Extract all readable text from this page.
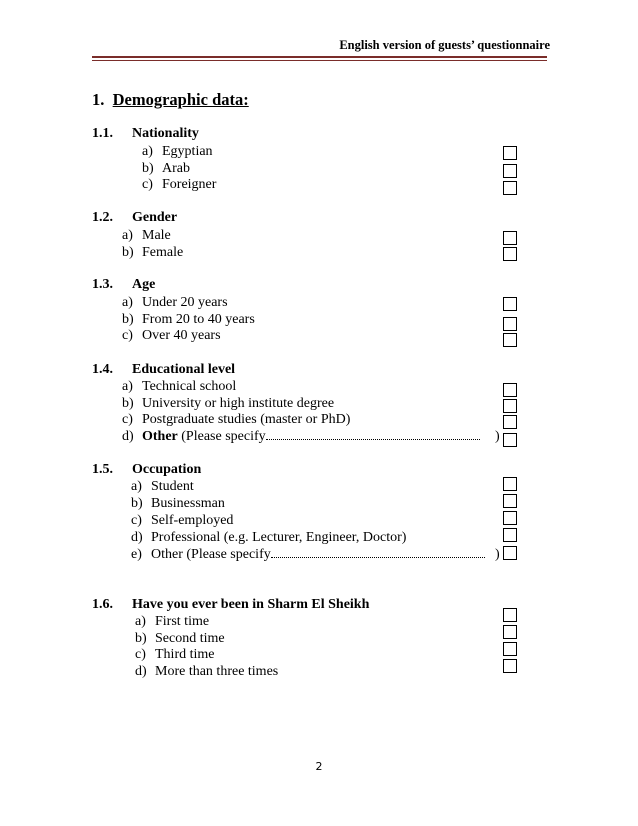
English version of guests’ questionnaire
1. Demographic data:
1.1. Nationality
a) Egyptian
b) Arab
c) Foreigner
1.2. Gender
a) Male
b) Female
1.3. Age
a) Under 20 years
b) From 20 to 40 years
c) Over 40 years
1.4. Educational level
a) Technical school
b) University or high institute degree
c) Postgraduate studies (master or PhD)
d) Other (Please specify	)
1.5. Occupation
a) Student
b) Businessman
c) Self-employed
d) Professional (e.g. Lecturer, Engineer, Doctor)
e) Other (Please specify	)
1.6. Have you ever been in Sharm El Sheikh
a) First time
b) Second time
c) Third time
d) More than three times
2
